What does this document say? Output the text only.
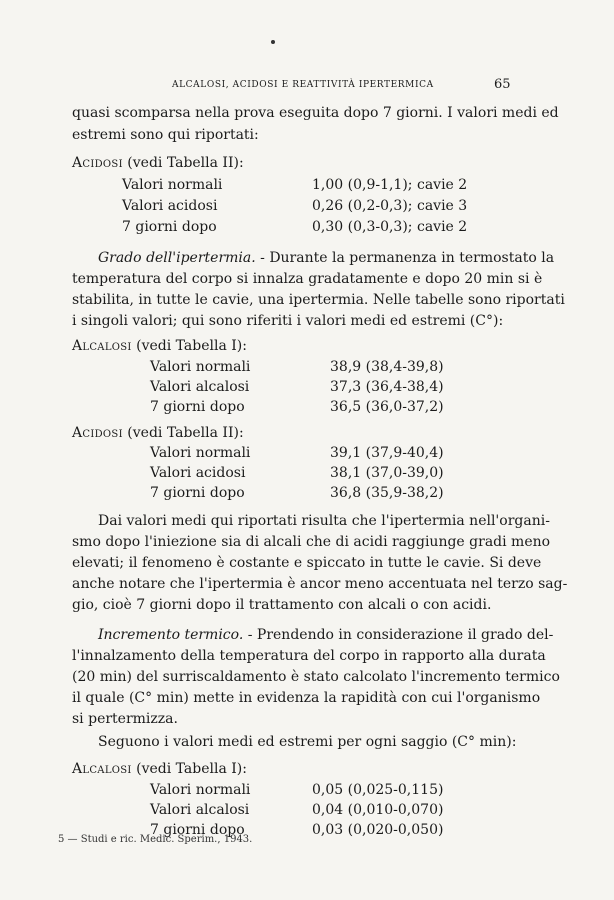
ALCALOSI, ACIDOSI E REATTIVITÀ IPERTERMICA	65
quasi scomparsa nella prova eseguita dopo 7 giorni. I valori medi ed
estremi sono qui riportati:
Acidosi (vedi Tabella II):
Valori normali	1,00 (0,9-1,1); cavie 2
Valori acidosi	0,26 (0,2-0,3); cavie 3
7 giorni dopo	0,30 (0,3-0,3); cavie 2
Grado dell'ipertermia. - Durante la permanenza in termostato la
temperatura del corpo si innalza gradatamente e dopo 20 min si è
stabilita, in tutte le cavie, una ipertermia. Nelle tabelle sono riportati
i singoli valori; qui sono riferiti i valori medi ed estremi (C°):
Alcalosi (vedi Tabella I):
Valori normali	38,9 (38,4-39,8)
Valori alcalosi	37,3 (36,4-38,4)
7 giorni dopo	36,5 (36,0-37,2)
Acidosi (vedi Tabella II):
Valori normali	39,1 (37,9-40,4)
Valori acidosi	38,1 (37,0-39,0)
7 giorni dopo	36,8 (35,9-38,2)
Dai valori medi qui riportati risulta che l'ipertermia nell'organi-
smo dopo l'iniezione sia di alcali che di acidi raggiunge gradi meno
elevati; il fenomeno è costante e spiccato in tutte le cavie. Si deve
anche notare che l'ipertermia è ancor meno accentuata nel terzo sag-
gio, cioè 7 giorni dopo il trattamento con alcali o con acidi.
Incremento termico. - Prendendo in considerazione il grado del-
l'innalzamento della temperatura del corpo in rapporto alla durata
(20 min) del surriscaldamento è stato calcolato l'incremento termico
il quale (C° min) mette in evidenza la rapidità con cui l'organismo
si pertermizza.
Seguono i valori medi ed estremi per ogni saggio (C° min):
Alcalosi (vedi Tabella I):
Valori normali	0,05 (0,025-0,115)
Valori alcalosi	0,04 (0,010-0,070)
7 giorni dopo	0,03 (0,020-0,050)
5 — Studi e ric. Medic. Sperim., 1943.
